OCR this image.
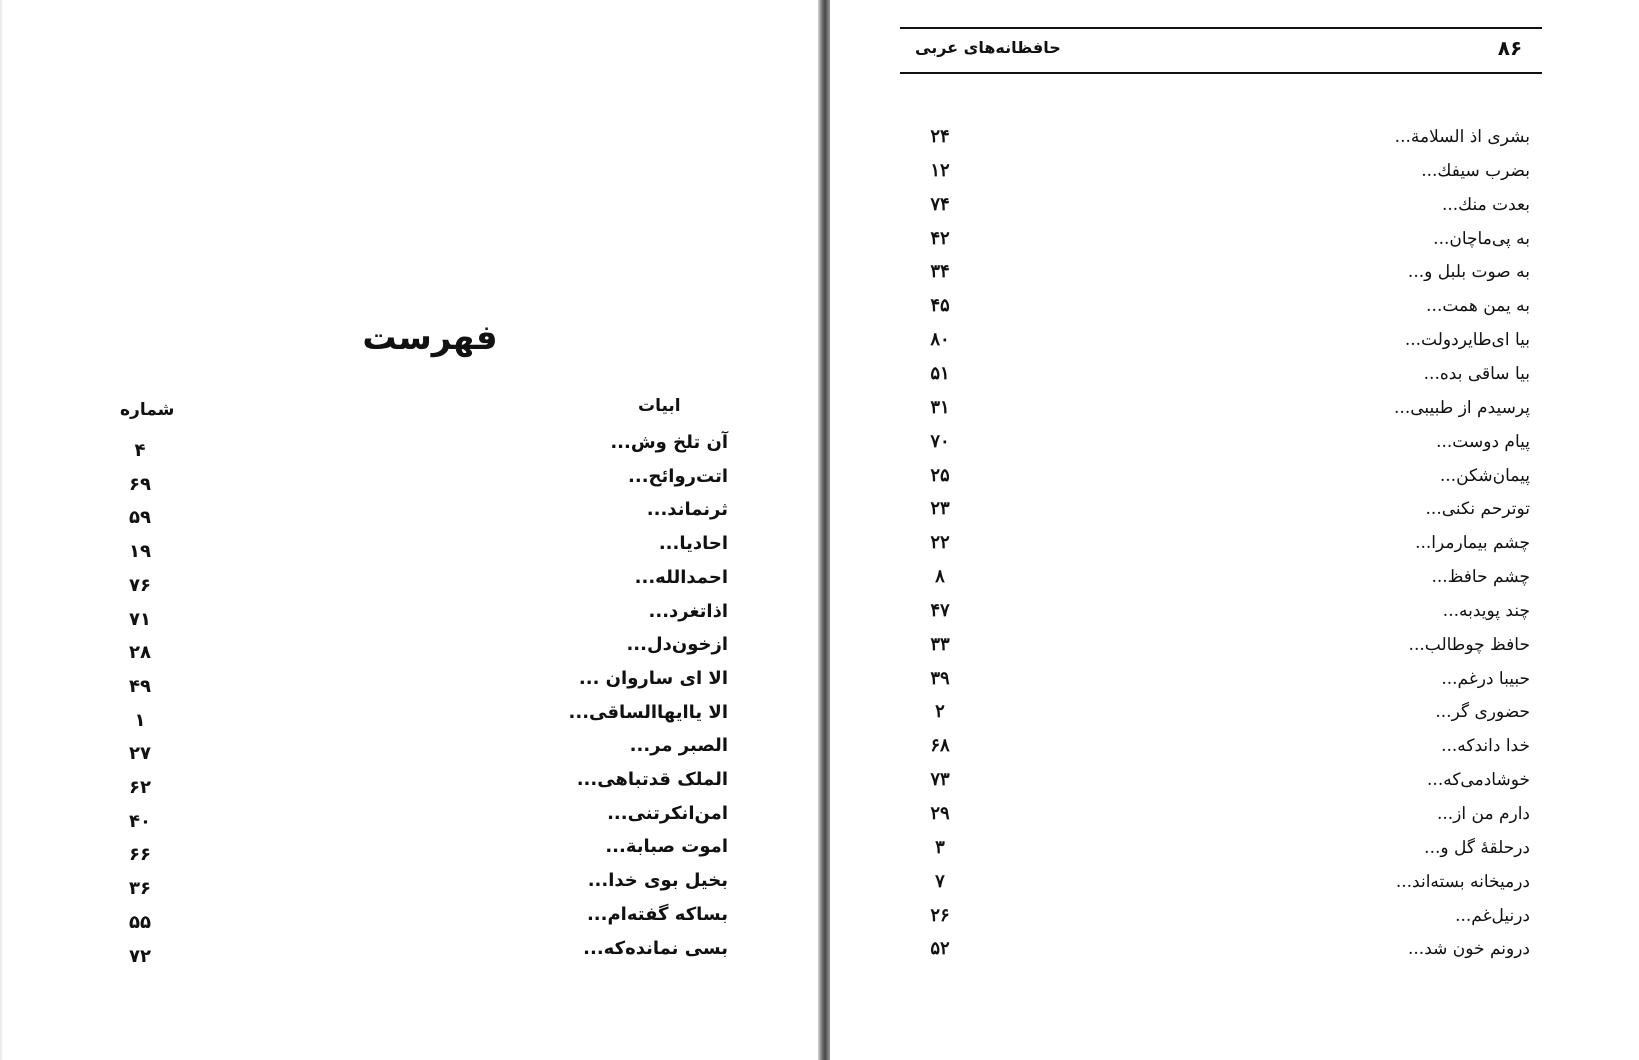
فهرست
ابیات
شماره
آن تلخ وش...
۴
اتت‌روائح...
۶۹
ثرنماند...
۵۹
احادیا...
۱۹
احمدالله...
۷۶
اذاتغرد...
۷۱
ازخون‌دل...
۲۸
الا ای ساروان ...
۴۹
الا یاایهاالساقی...
۱
الصبر مر...
۲۷
الملک قدتباهی...
۶۲
امن‌انکرتنی...
۴۰
اموت صبابة...
۶۶
بخیل بوی خدا...
۳۶
بساکه گفته‌ام...
۵۵
بسی نمانده‌که...
۷۲
حافظانه‌های عربی	۸۶
بشری اذ السلامة...
۲۴
بضرب سیفك...
۱۲
بعدت منك...
۷۴
به پی‌ماچان...
۴۲
به صوت بلبل و...
۳۴
به یمن همت...
۴۵
بیا ای‌طایردولت...
۸۰
بیا ساقی بده...
۵۱
پرسیدم از طبیبی...
۳۱
پیام دوست...
۷۰
پیمان‌شکن...
۲۵
توترحم نکنی...
۲۳
چشم بیمارمرا...
۲۲
چشم حافظ...
۸
چند پویدبه...
۴۷
حافظ چوطالب...
۳۳
حبیبا درغم...
۳۹
حضوری گر...
۲
خدا داندکه...
۶۸
خوشادمی‌که...
۷۳
دارم من از...
۲۹
درحلقهٔ گل و...
۳
درمیخانه بسته‌اند...
۷
درنیل‌غم...
۲۶
درونم خون شد...
۵۲
